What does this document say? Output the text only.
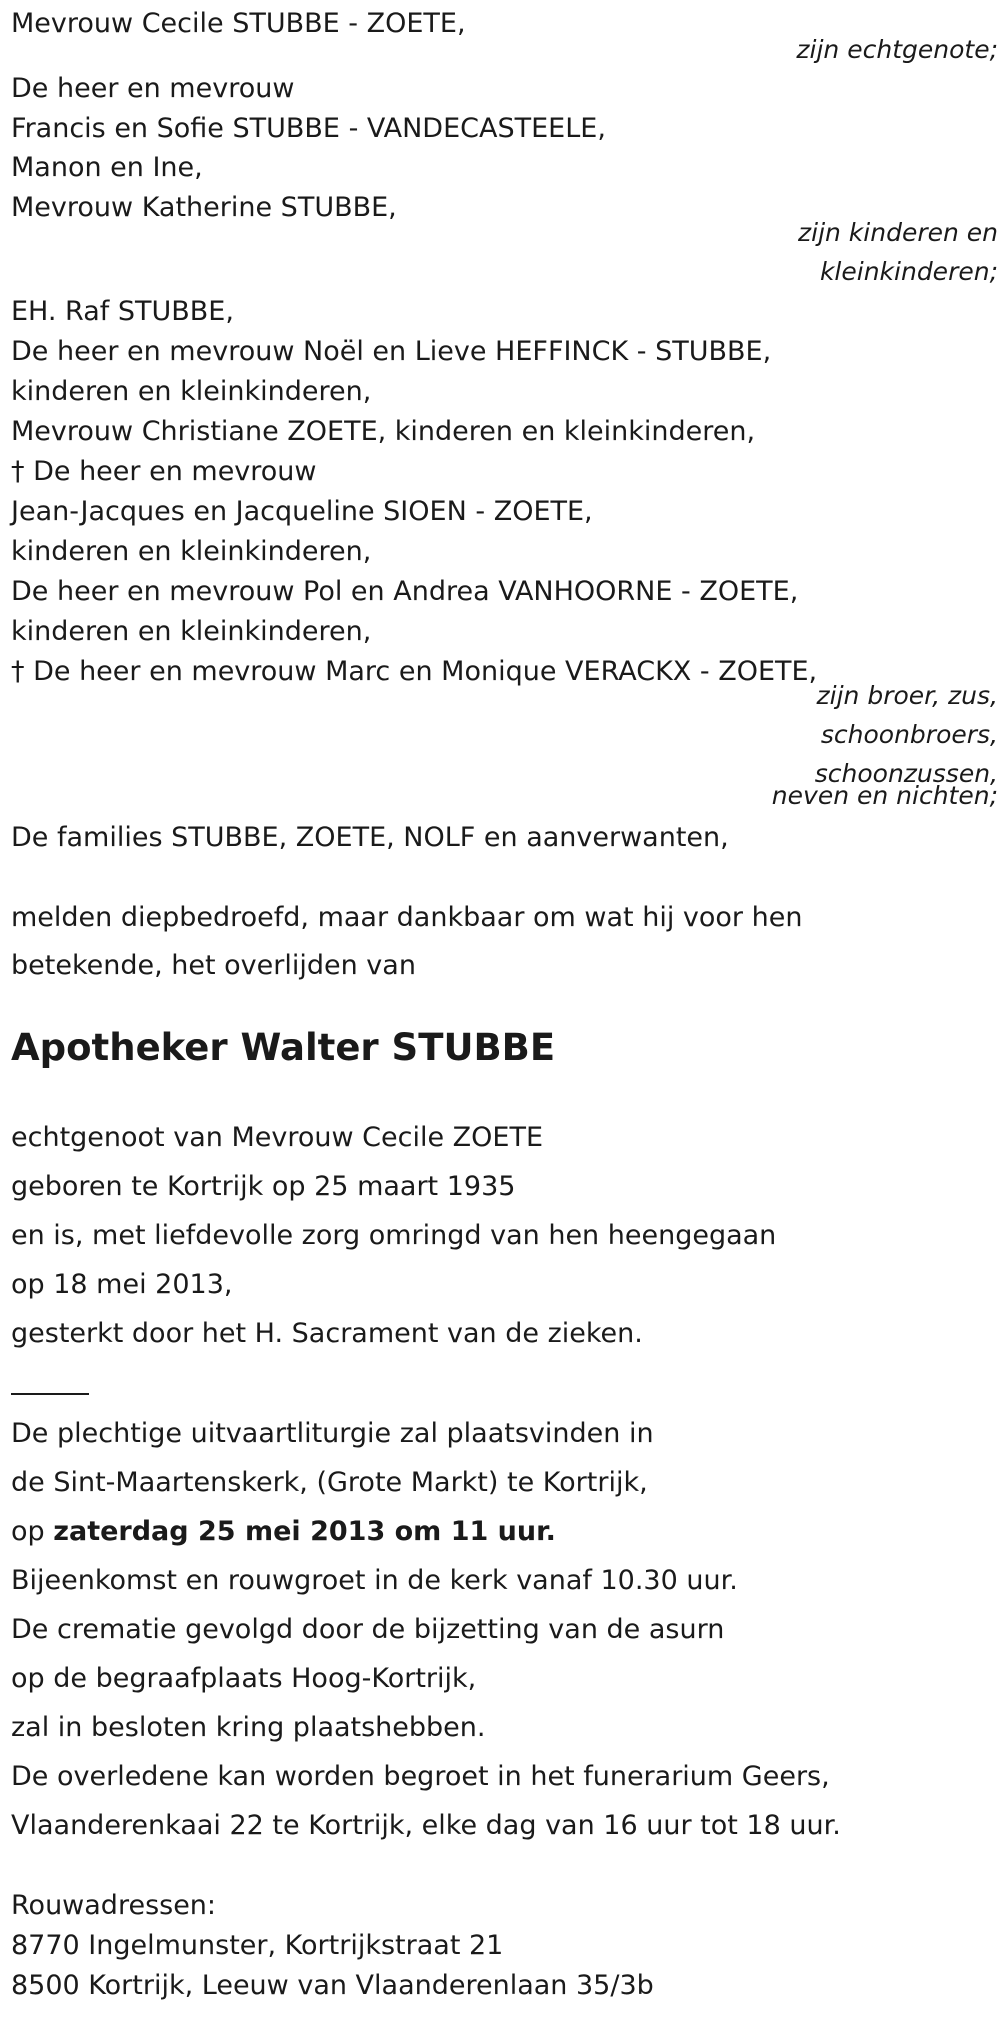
Mevrouw Cecile STUBBE - ZOETE,
zijn echtgenote;
De heer en mevrouw
Francis en Sofie STUBBE - VANDECASTEELE,
Manon en Ine,
Mevrouw Katherine STUBBE,
zijn kinderen en
kleinkinderen;
EH. Raf STUBBE,
De heer en mevrouw Noël en Lieve HEFFINCK - STUBBE,
kinderen en kleinkinderen,
Mevrouw Christiane ZOETE, kinderen en kleinkinderen,
† De heer en mevrouw
Jean-Jacques en Jacqueline SIOEN - ZOETE,
kinderen en kleinkinderen,
De heer en mevrouw Pol en Andrea VANHOORNE - ZOETE,
kinderen en kleinkinderen,
† De heer en mevrouw Marc en Monique VERACKX - ZOETE,
zijn broer, zus,
schoonbroers,
schoonzussen,
neven en nichten;
De families STUBBE, ZOETE, NOLF en aanverwanten,
melden diepbedroefd, maar dankbaar om wat hij voor hen
betekende, het overlijden van
Apotheker Walter STUBBE
echtgenoot van Mevrouw Cecile ZOETE
geboren te Kortrijk op 25 maart 1935
en is, met liefdevolle zorg omringd van hen heengegaan
op 18 mei 2013,
gesterkt door het H. Sacrament van de zieken.
De plechtige uitvaartliturgie zal plaatsvinden in
de Sint-Maartenskerk, (Grote Markt) te Kortrijk,
op zaterdag 25 mei 2013 om 11 uur.
Bijeenkomst en rouwgroet in de kerk vanaf 10.30 uur.
De crematie gevolgd door de bijzetting van de asurn
op de begraafplaats Hoog-Kortrijk,
zal in besloten kring plaatshebben.
De overledene kan worden begroet in het funerarium Geers,
Vlaanderenkaai 22 te Kortrijk, elke dag van 16 uur tot 18 uur.
Rouwadressen:
8770 Ingelmunster, Kortrijkstraat 21
8500 Kortrijk, Leeuw van Vlaanderenlaan 35/3b
